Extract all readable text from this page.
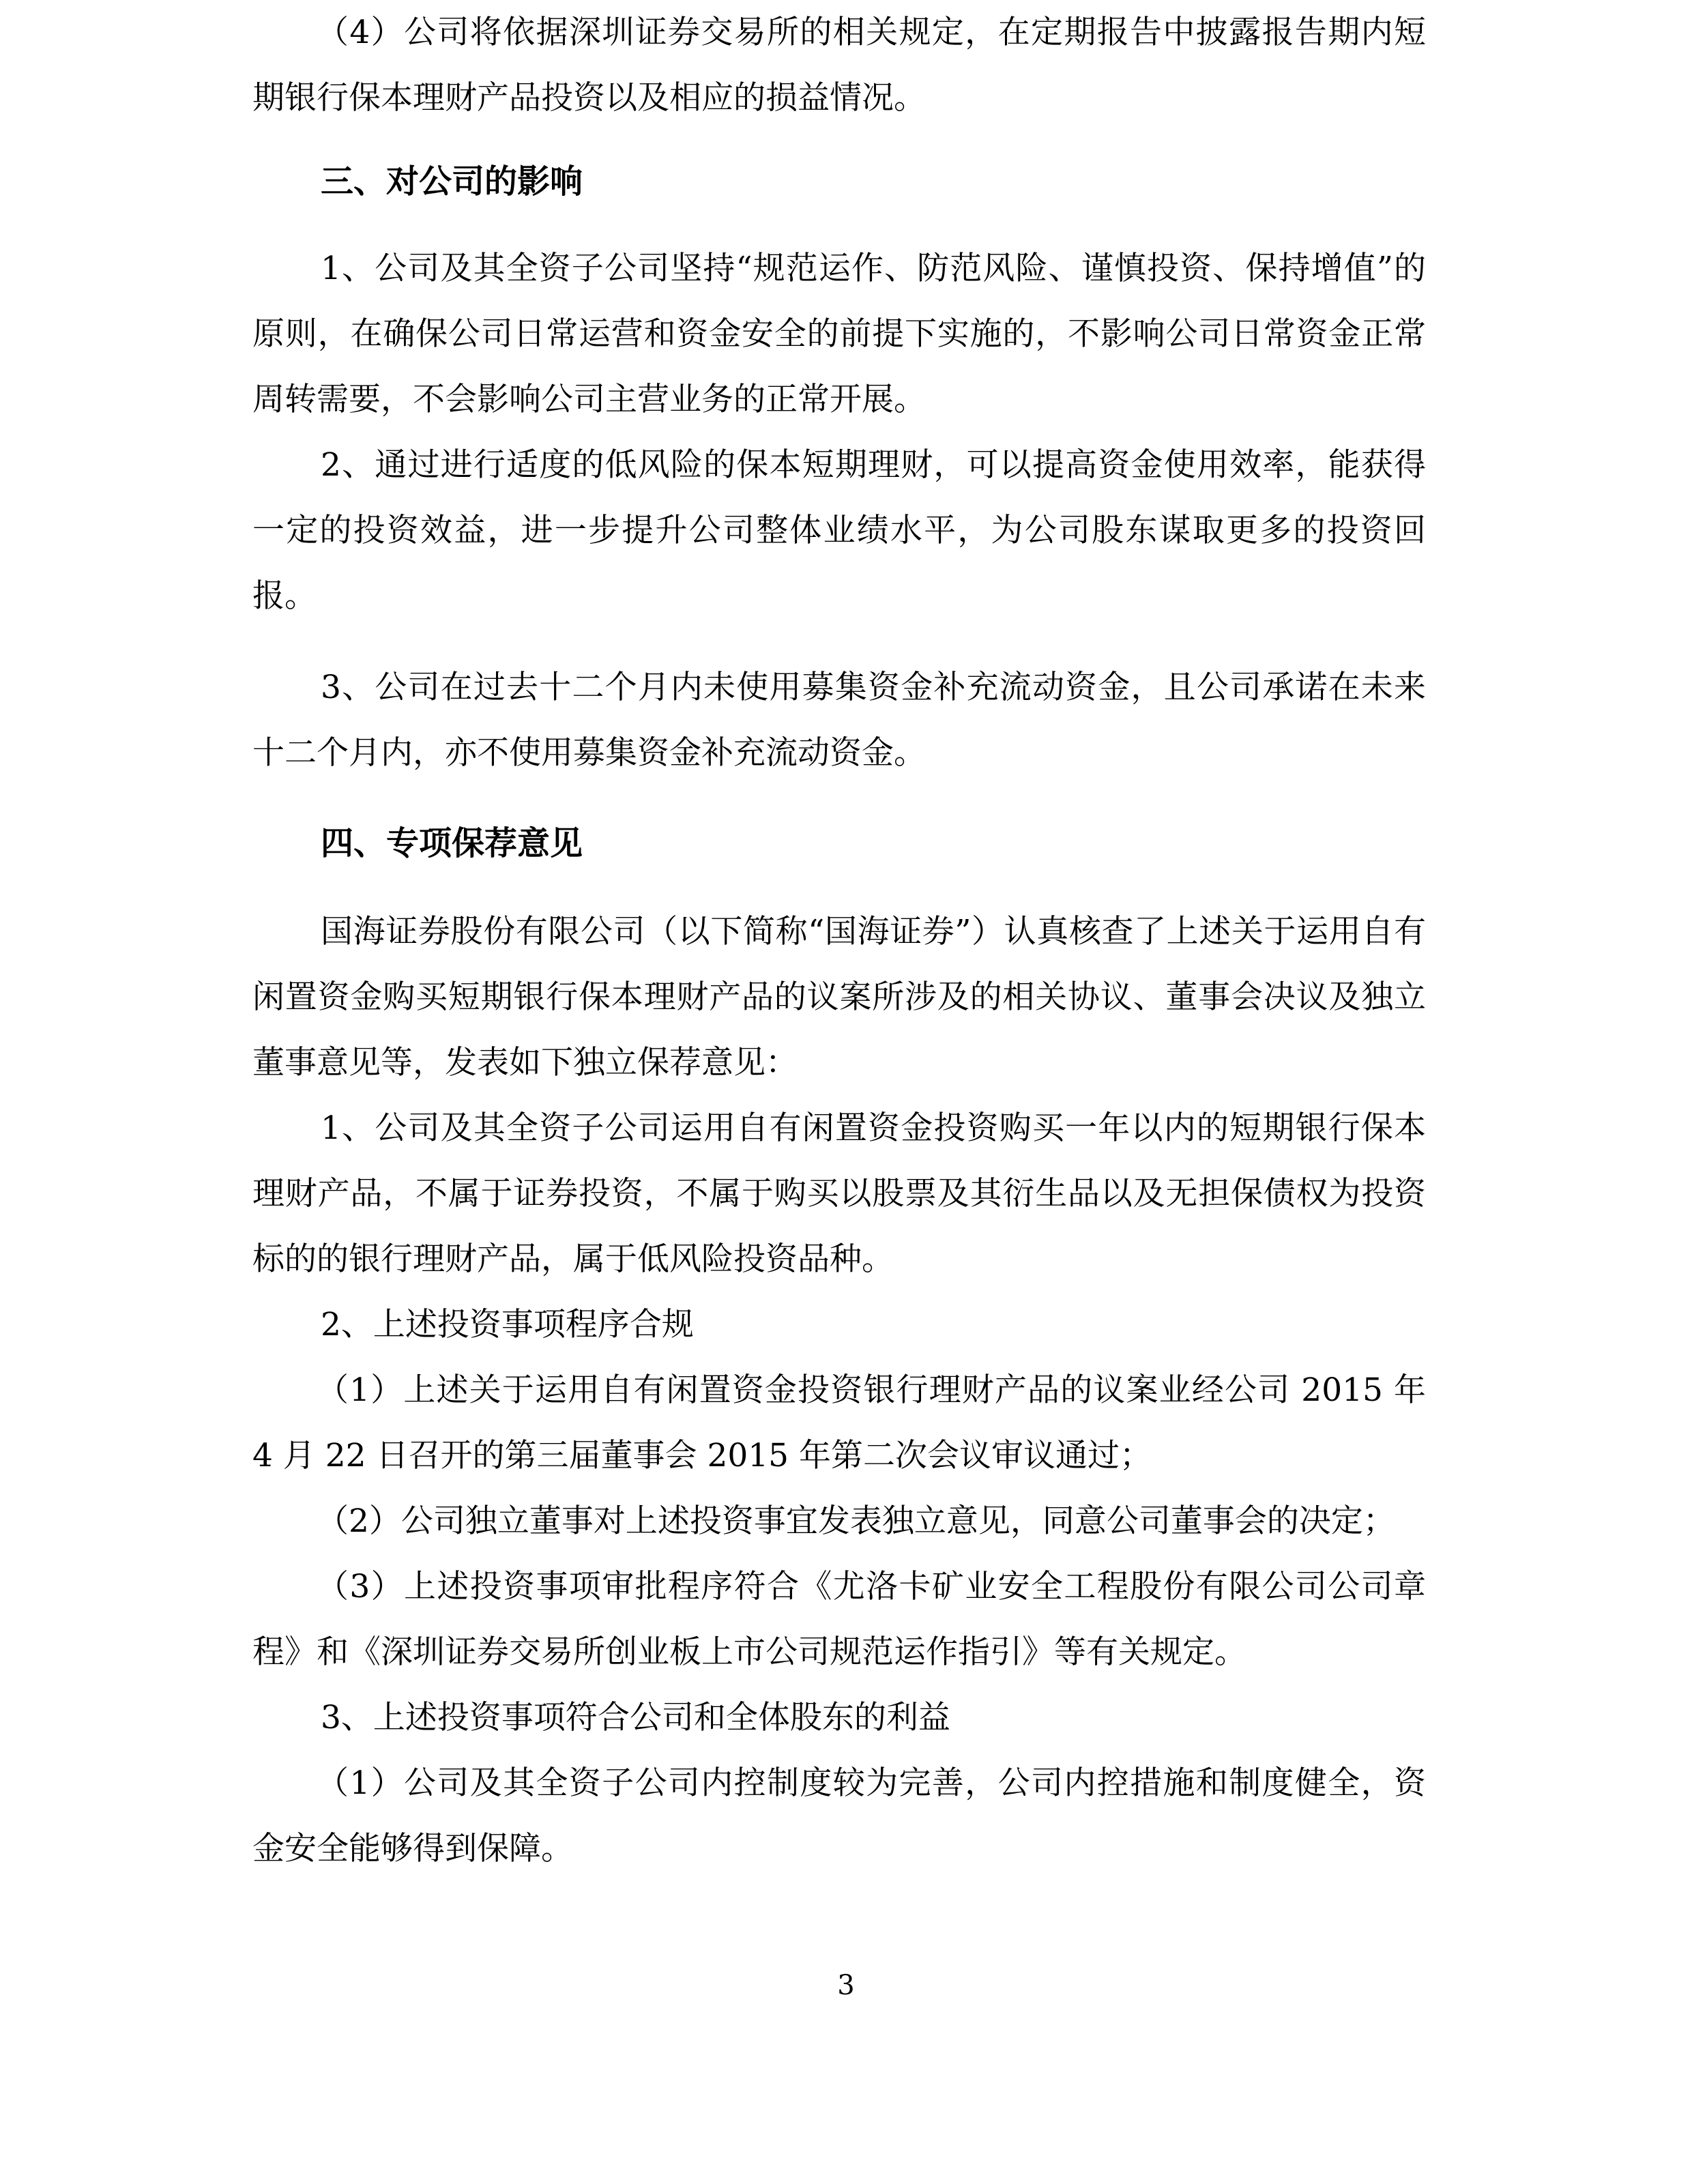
（4）公司将依据深圳证券交易所的相关规定，在定期报告中披露报告期内短期银行保本理财产品投资以及相应的损益情况。

三、对公司的影响

1、公司及其全资子公司坚持“规范运作、防范风险、谨慎投资、保持增值”的原则，在确保公司日常运营和资金安全的前提下实施的，不影响公司日常资金正常周转需要，不会影响公司主营业务的正常开展。

2、通过进行适度的低风险的保本短期理财，可以提高资金使用效率，能获得一定的投资效益，进一步提升公司整体业绩水平，为公司股东谋取更多的投资回报。

3、公司在过去十二个月内未使用募集资金补充流动资金，且公司承诺在未来十二个月内，亦不使用募集资金补充流动资金。

四、专项保荐意见

国海证券股份有限公司（以下简称“国海证券”）认真核查了上述关于运用自有闲置资金购买短期银行保本理财产品的议案所涉及的相关协议、董事会决议及独立董事意见等，发表如下独立保荐意见：

1、公司及其全资子公司运用自有闲置资金投资购买一年以内的短期银行保本理财产品，不属于证券投资，不属于购买以股票及其衍生品以及无担保债权为投资标的的银行理财产品，属于低风险投资品种。

2、上述投资事项程序合规

（1）上述关于运用自有闲置资金投资银行理财产品的议案业经公司 2015 年 4 月 22 日召开的第三届董事会 2015 年第二次会议审议通过；

（2）公司独立董事对上述投资事宜发表独立意见，同意公司董事会的决定；

（3）上述投资事项审批程序符合《尤洛卡矿业安全工程股份有限公司公司章程》和《深圳证券交易所创业板上市公司规范运作指引》等有关规定。

3、上述投资事项符合公司和全体股东的利益

（1）公司及其全资子公司内控制度较为完善，公司内控措施和制度健全，资金安全能够得到保障。

3
